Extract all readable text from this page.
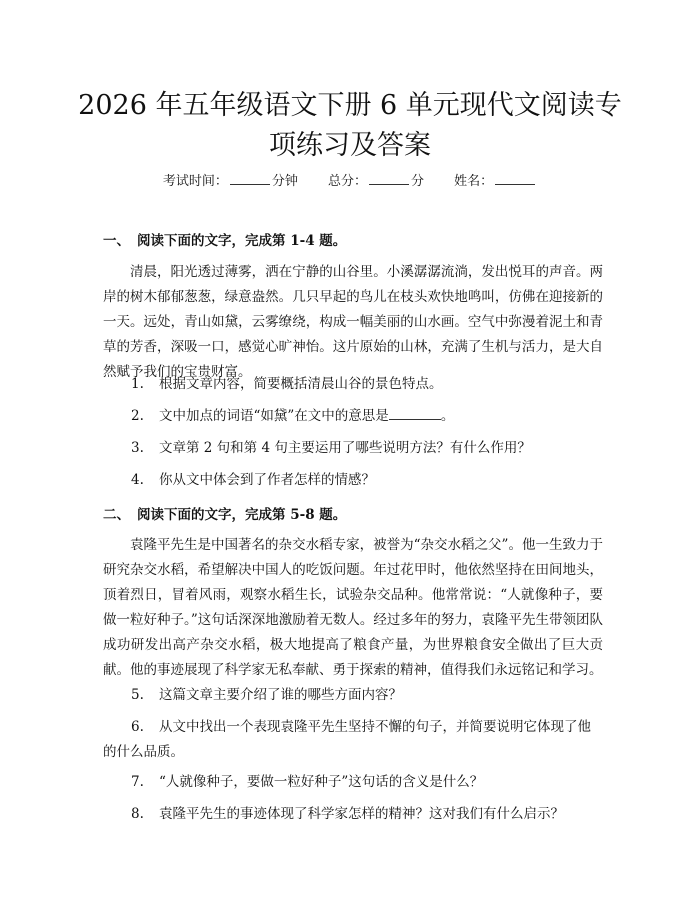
2026 年五年级语文下册 6 单元现代文阅读专
项练习及答案
考试时间：	分钟 总分：	分 姓名：
一、 阅读下面的文字，完成第 1-4 题。

清晨，阳光透过薄雾，洒在宁静的山谷里。小溪潺潺流淌，发出悦耳的声音。两岸的树木郁郁葱葱，绿意盎然。几只早起的鸟儿在枝头欢快地鸣叫，仿佛在迎接新的一天。远处，青山如黛，云雾缭绕，构成一幅美丽的山水画。空气中弥漫着泥土和青草的芳香，深吸一口，感觉心旷神怡。这片原始的山林，充满了生机与活力，是大自然赋予我们的宝贵财富。

1. 根据文章内容，简要概括清晨山谷的景色特点。

2. 文中加点的词语“如黛”在文中的意思是	。

3. 文章第 2 句和第 4 句主要运用了哪些说明方法？有什么作用？

4. 你从文中体会到了作者怎样的情感？

二、 阅读下面的文字，完成第 5-8 题。

袁隆平先生是中国著名的杂交水稻专家，被誉为“杂交水稻之父”。他一生致力于研究杂交水稻，希望解决中国人的吃饭问题。年过花甲时，他依然坚持在田间地头，顶着烈日，冒着风雨，观察水稻生长，试验杂交品种。他常常说：“人就像种子，要做一粒好种子。”这句话深深地激励着无数人。经过多年的努力，袁隆平先生带领团队成功研发出高产杂交水稻，极大地提高了粮食产量，为世界粮食安全做出了巨大贡献。他的事迹展现了科学家无私奉献、勇于探索的精神，值得我们永远铭记和学习。

5. 这篇文章主要介绍了谁的哪些方面内容？

6. 从文中找出一个表现袁隆平先生坚持不懈的句子，并简要说明它体现了他的什么品质。

7. “人就像种子，要做一粒好种子”这句话的含义是什么？

8. 袁隆平先生的事迹体现了科学家怎样的精神？这对我们有什么启示？
